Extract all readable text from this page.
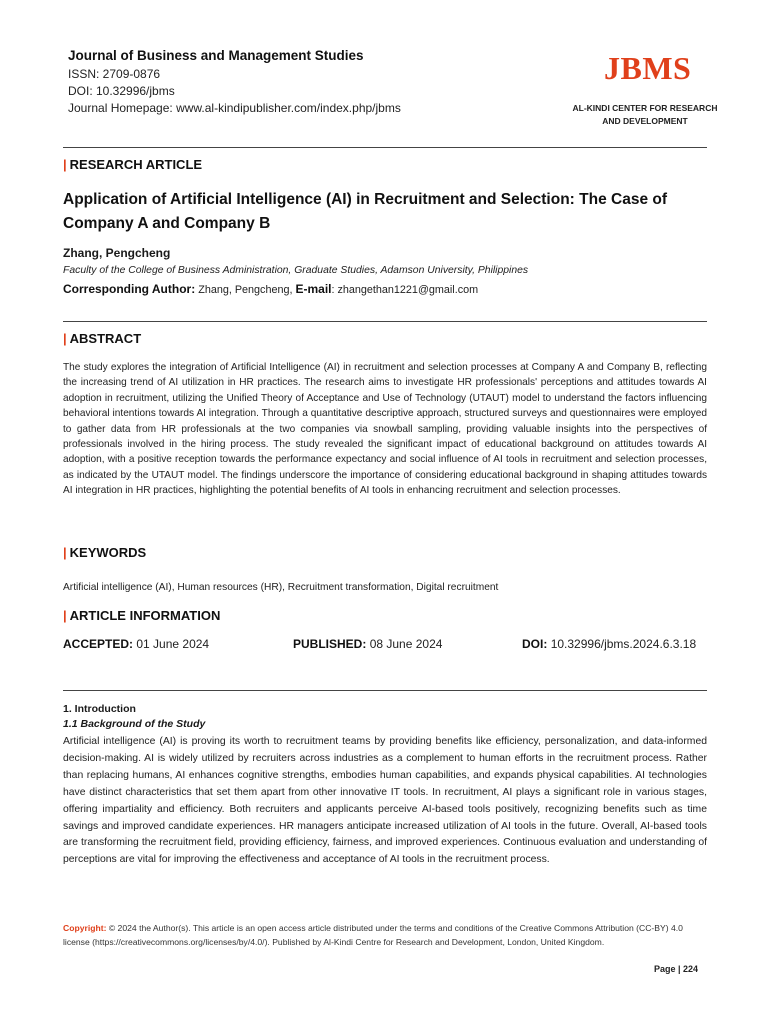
Journal of Business and Management Studies
ISSN: 2709-0876
DOI: 10.32996/jbms
Journal Homepage: www.al-kindipublisher.com/index.php/jbms
JBMS
AL-KINDI CENTER FOR RESEARCH
AND DEVELOPMENT
| RESEARCH ARTICLE
Application of Artificial Intelligence (AI) in Recruitment and Selection: The Case of Company A and Company B
Zhang, Pengcheng
Faculty of the College of Business Administration, Graduate Studies, Adamson University, Philippines
Corresponding Author: Zhang, Pengcheng, E-mail: zhangethan1221@gmail.com
| ABSTRACT
The study explores the integration of Artificial Intelligence (AI) in recruitment and selection processes at Company A and Company B, reflecting the increasing trend of AI utilization in HR practices. The research aims to investigate HR professionals' perceptions and attitudes towards AI adoption in recruitment, utilizing the Unified Theory of Acceptance and Use of Technology (UTAUT) model to understand the factors influencing behavioral intentions towards AI integration. Through a quantitative descriptive approach, structured surveys and questionnaires were employed to gather data from HR professionals at the two companies via snowball sampling, providing valuable insights into the perspectives of professionals involved in the hiring process. The study revealed the significant impact of educational background on attitudes towards AI adoption, with a positive reception towards the performance expectancy and social influence of AI tools in recruitment and selection processes, as indicated by the UTAUT model. The findings underscore the importance of considering educational background in shaping attitudes towards AI integration in HR practices, highlighting the potential benefits of AI tools in enhancing recruitment and selection processes.
| KEYWORDS
Artificial intelligence (AI), Human resources (HR), Recruitment transformation, Digital recruitment
| ARTICLE INFORMATION
ACCEPTED: 01 June 2024	PUBLISHED: 08 June 2024	DOI: 10.32996/jbms.2024.6.3.18
1. Introduction
1.1 Background of the Study
Artificial intelligence (AI) is proving its worth to recruitment teams by providing benefits like efficiency, personalization, and data-informed decision-making. AI is widely utilized by recruiters across industries as a complement to human efforts in the recruitment process. Rather than replacing humans, AI enhances cognitive strengths, embodies human capabilities, and expands physical capabilities. AI technologies have distinct characteristics that set them apart from other innovative IT tools. In recruitment, AI plays a significant role in various stages, offering impartiality and efficiency. Both recruiters and applicants perceive AI-based tools positively, recognizing benefits such as time savings and improved candidate experiences. HR managers anticipate increased utilization of AI tools in the future. Overall, AI-based tools are transforming the recruitment field, providing efficiency, fairness, and improved experiences. Continuous evaluation and understanding of perceptions are vital for improving the effectiveness and acceptance of AI tools in the recruitment process.
Copyright: © 2024 the Author(s). This article is an open access article distributed under the terms and conditions of the Creative Commons Attribution (CC-BY) 4.0 license (https://creativecommons.org/licenses/by/4.0/). Published by Al-Kindi Centre for Research and Development, London, United Kingdom.
Page | 224
